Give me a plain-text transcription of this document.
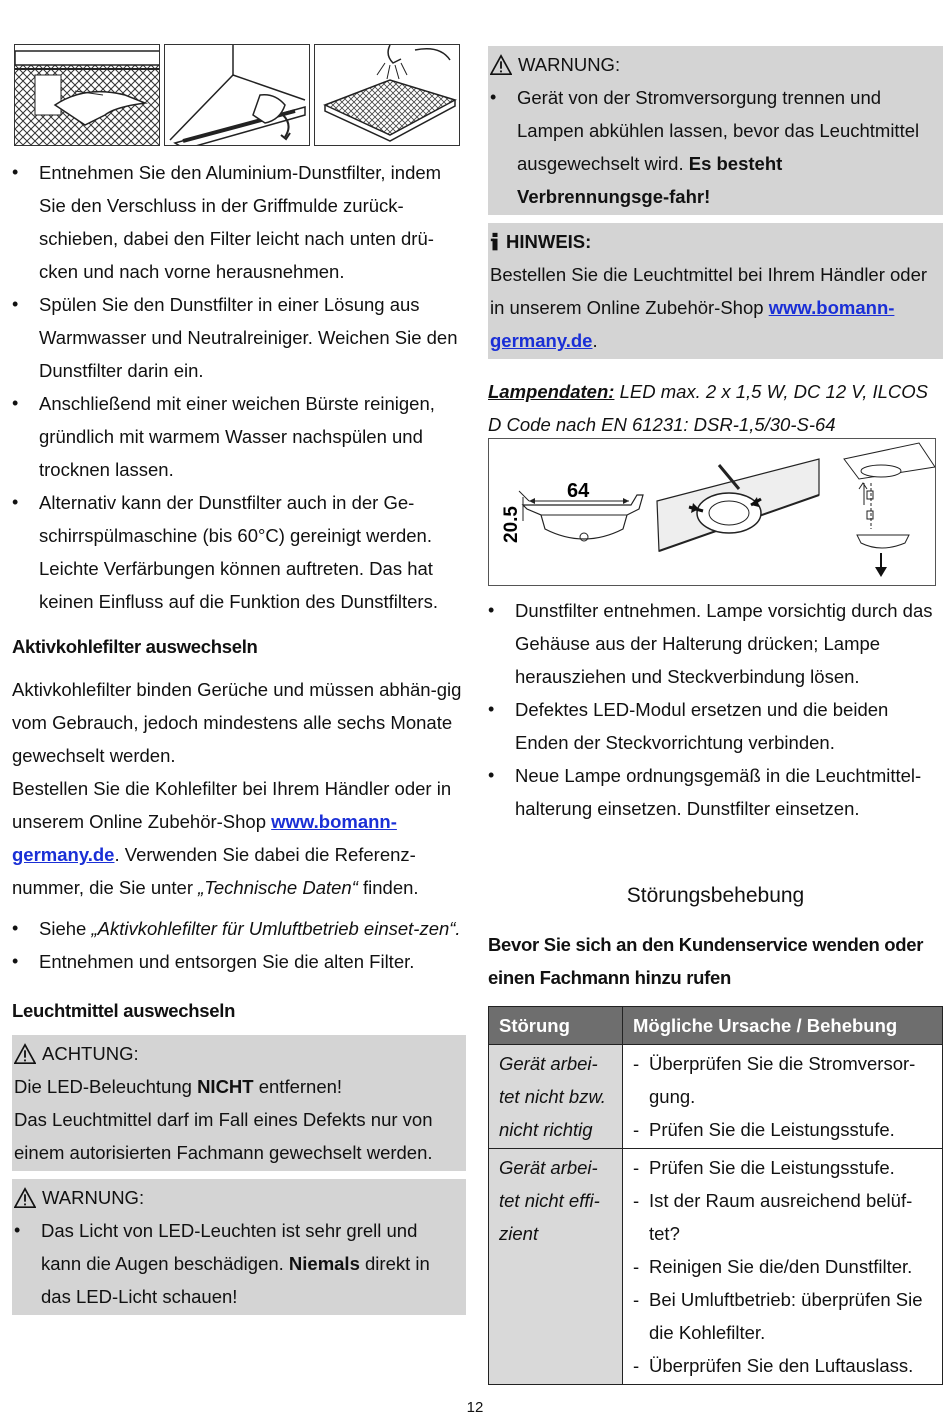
• Entnehmen Sie den Aluminium-Dunstfilter, indem Sie den Verschluss in der Griffmulde zurück-schieben, dabei den Filter leicht nach unten drü-cken und nach vorne herausnehmen.
• Spülen Sie den Dunstfilter in einer Lösung aus Warmwasser und Neutralreiniger. Weichen Sie den Dunstfilter darin ein.
• Anschließend mit einer weichen Bürste reinigen, gründlich mit warmem Wasser nachspülen und trocknen lassen.
• Alternativ kann der Dunstfilter auch in der Ge-schirrspülmaschine (bis 60°C) gereinigt werden. Leichte Verfärbungen können auftreten. Das hat keinen Einfluss auf die Funktion des Dunstfilters.
Aktivkohlefilter auswechseln
Aktivkohlefilter binden Gerüche und müssen abhän-gig vom Gebrauch, jedoch mindestens alle sechs Monate gewechselt werden.
Bestellen Sie die Kohlefilter bei Ihrem Händler oder in unserem Online Zubehör-Shop www.bomann-germany.de. Verwenden Sie dabei die Referenz-nummer, die Sie unter „Technische Daten“ finden.
• Siehe „Aktivkohlefilter für Umluftbetrieb einset-zen“.
• Entnehmen und entsorgen Sie die alten Filter.
Leuchtmittel auswechseln
ACHTUNG:
Die LED-Beleuchtung NICHT entfernen!
Das Leuchtmittel darf im Fall eines Defekts nur von einem autorisierten Fachmann gewechselt werden.
WARNUNG:
• Das Licht von LED-Leuchten ist sehr grell und kann die Augen beschädigen. Niemals direkt in das LED-Licht schauen!
WARNUNG:
• Gerät von der Stromversorgung trennen und Lampen abkühlen lassen, bevor das Leuchtmittel ausgewechselt wird. Es besteht Verbrennungsge-fahr!
HINWEIS:
Bestellen Sie die Leuchtmittel bei Ihrem Händler oder in unserem Online Zubehör-Shop www.bomann-germany.de.
Lampendaten: LED max. 2 x 1,5 W, DC 12 V, ILCOS D Code nach EN 61231: DSR-1,5/30-S-64
64
20.5
• Dunstfilter entnehmen. Lampe vorsichtig durch das Gehäuse aus der Halterung drücken; Lampe herausziehen und Steckverbindung lösen.
• Defektes LED-Modul ersetzen und die beiden Enden der Steckvorrichtung verbinden.
• Neue Lampe ordnungsgemäß in die Leuchtmittel-halterung einsetzen. Dunstfilter einsetzen.
Störungsbehebung
Bevor Sie sich an den Kundenservice wenden oder einen Fachmann hinzu rufen
Störung	Mögliche Ursache / Behebung
Gerät arbei-tet nicht bzw. nicht richtig	- Überprüfen Sie die Stromversor-gung.
- Prüfen Sie die Leistungsstufe.

Gerät arbei-tet nicht effi-zient	- Prüfen Sie die Leistungsstufe.
- Ist der Raum ausreichend belüf-tet?
- Reinigen Sie die/den Dunstfilter.
- Bei Umluftbetrieb: überprüfen Sie die Kohlefilter.
- Überprüfen Sie den Luftauslass.
12
